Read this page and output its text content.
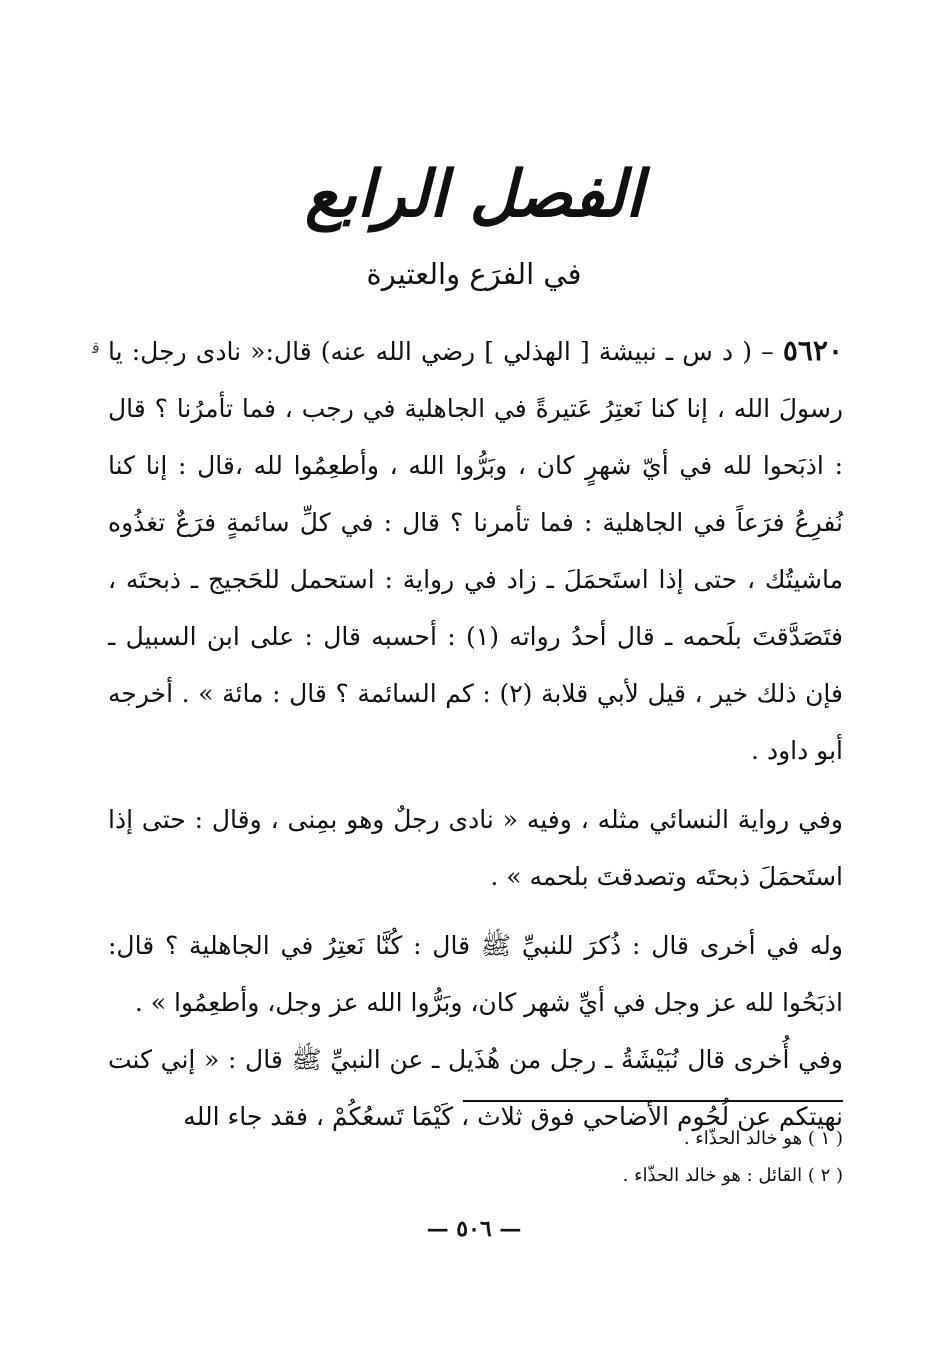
الفصل الرابع
في الفرَع والعتيرة
ﻗ	٥٦٢٠ – ( د س ـ نبيشة [ الهذلي ] رضي الله عنه) قال:« نادى رجل: يا رسولَ الله ، إنا كنا نَعتِرُ عَتيرةً في الجاهلية في رجب ، فما تأمرُنا ؟ قال : اذبَحوا لله في أيّ شهرٍ كان ، وبَرُّوا الله ، وأطعِمُوا لله ،قال : إنا كنا نُفرِعُ فرَعاً في الجاهلية : فما تأمرنا ؟ قال : في كلِّ سائمةٍ فرَعٌ تغذُوه ماشيتُك ، حتى إذا استَحمَلَ ـ زاد في رواية : استحمل للحَجيج ـ ذبحتَه ، فتَصَدَّقتَ بلَحمه ـ قال أحدُ رواته (١) : أحسبه قال : على ابن السبيل ـ فإن ذلك خير ، قيل لأبي قلابة (٢) : كم السائمة ؟ قال : مائة » . أخرجه أبو داود .

وفي رواية النسائي مثله ، وفيه « نادى رجلٌ وهو بمِنى ، وقال : حتى إذا استَحمَلَ ذبحتَه وتصدقتَ بلحمه » .

وله في أخرى قال : ذُكرَ للنبيِّ ﷺ قال : كُنَّا نَعتِرُ في الجاهلية ؟ قال: اذبَحُوا لله عز وجل في أيِّ شهر كان، وبَرُّوا الله عز وجل، وأطعِمُوا » .

وفي أُخرى قال نُبَيْشَةُ ـ رجل من هُذَيل ـ عن النبيِّ ﷺ قال : « إني كنت نهيتكم عن لُحُوم الأضاحي فوق ثلاث ، كَيْمَا تَسعُكُمْ ، فقد جاء الله

( ١ ) هو خالد الحذّاء .

( ٢ ) القائل : هو خالد الحذّاء .

— ٥٠٦ —
